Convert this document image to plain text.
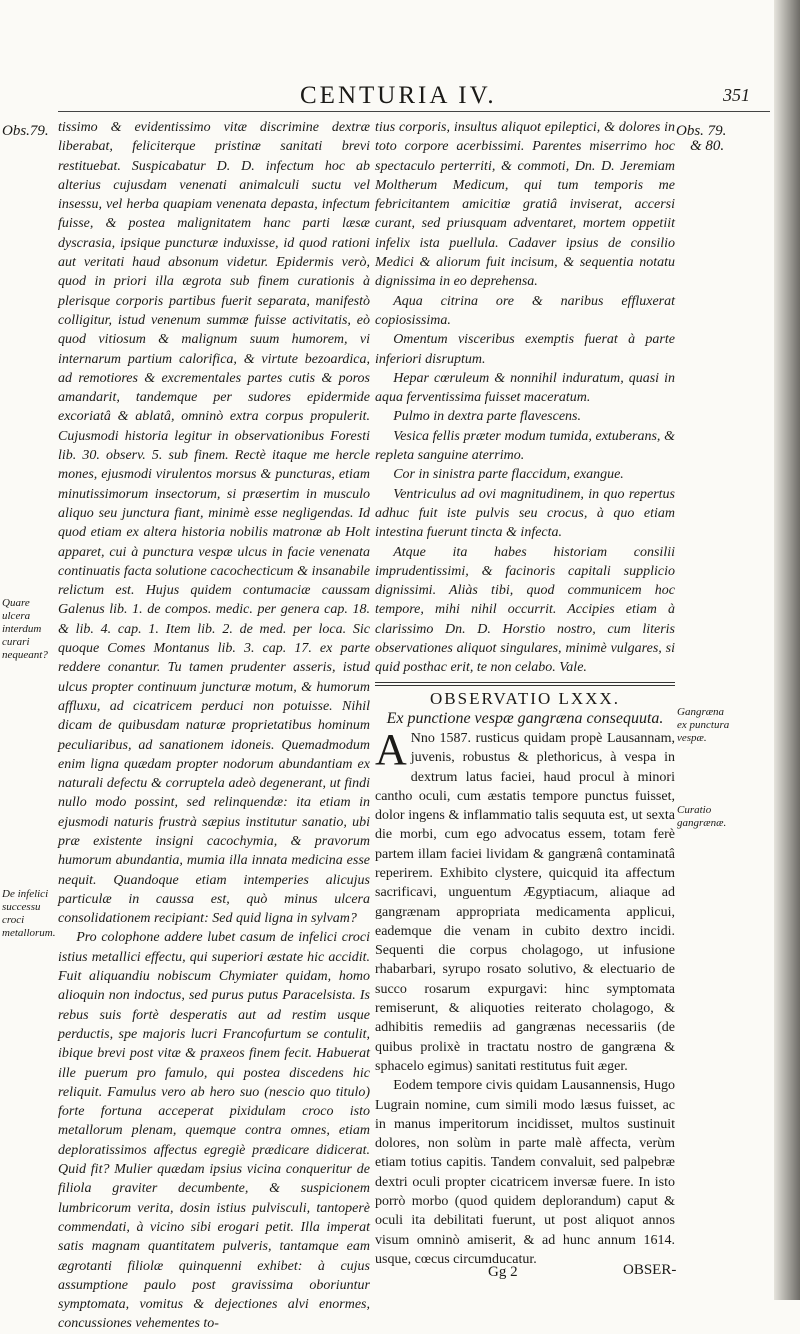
CENTURIA IV.	351
Obs.79.
Quare ulcera interdum curari nequeant?
De infelici successu croci metallorum.
Obs. 79.
& 80.
Gangræna ex punctura vespæ.
Curatio gangrænæ.

tissimo & evidentissimo vitæ discrimine dextræ liberabat, feliciterque pristinæ sanitati brevi restituebat. Suspicabatur D. D. infectum hoc ab alterius cujusdam venenati animalculi suctu vel insessu, vel herba quapiam venenata depasta, infectum fuisse, & postea malignitatem hanc parti læsæ dyscrasia, ipsique puncturæ induxisse, id quod rationi aut veritati haud absonum videtur. Epidermis verò, quod in priori illa ægrota sub finem curationis à plerisque corporis partibus fuerit separata, manifestò colligitur, istud venenum summæ fuisse activitatis, eò quod vitiosum & malignum suum humorem, vi internarum partium calorifica, & virtute bezoardica, ad remotiores & excrementales partes cutis & poros amandarit, tandemque per sudores epidermide excoriatâ & ablatâ, omninò extra corpus propulerit. Cujusmodi historia legitur in observationibus Foresti lib. 30. observ. 5. sub finem. Rectè itaque me hercle mones, ejusmodi virulentos morsus & puncturas, etiam minutissimorum insectorum, si præsertim in musculo aliquo seu junctura fiant, minimè esse negligendas. Id quod etiam ex altera historia nobilis matronæ ab Holt apparet, cui à punctura vespæ ulcus in facie venenata continuatis facta solutione cacochecticum & insanabile relictum est. Hujus quidem contumaciæ caussam Galenus lib. 1. de compos. medic. per genera cap. 18. & lib. 4. cap. 1. Item lib. 2. de med. per loca. Sic quoque Comes Montanus lib. 3. cap. 17. ex parte reddere conantur. Tu tamen prudenter asseris, istud ulcus propter continuum juncturæ motum, & humorum affluxu, ad cicatricem perduci non potuisse. Nihil dicam de quibusdam naturæ proprietatibus hominum peculiaribus, ad sanationem idoneis. Quemadmodum enim ligna quædam propter nodorum abundantiam ex naturali defectu & corruptela adeò degenerant, ut findi nullo modo possint, sed relinquendæ: ita etiam in ejusmodi naturis frustrà sæpius institutur sanatio, ubi præ existente insigni cacochymia, & pravorum humorum abundantia, mumia illa innata medicina esse nequit. Quandoque etiam intemperies alicujus particulæ in caussa est, quò minus ulcera consolidationem recipiant: Sed quid ligna in sylvam?

Pro colophone addere lubet casum de infelici croci istius metallici effectu, qui superiori æstate hic accidit. Fuit aliquandiu nobiscum Chymiater quidam, homo alioquin non indoctus, sed purus putus Paracelsista. Is rebus suis fortè desperatis aut ad restim usque perductis, spe majoris lucri Francofurtum se contulit, ibique brevi post vitæ & praxeos finem fecit. Habuerat ille puerum pro famulo, qui postea discedens hic reliquit. Famulus vero ab hero suo (nescio quo titulo) forte fortuna acceperat pixidulam croco isto metallorum plenam, quemque contra omnes, etiam deploratissimos affectus egregiè prædicare didicerat. Quid fit? Mulier quædam ipsius vicina conqueritur de filiola graviter decumbente, & suspicionem lumbricorum verita, dosin istius pulvisculi, tantoperè commendati, à vicino sibi erogari petit. Illa imperat satis magnam quantitatem pulveris, tantamque eam ægrotanti filiolæ quinquenni exhibet: à cujus assumptione paulo post gravissima oboriuntur symptomata, vomitus & dejectiones alvi enormes, concussiones vehementes to-

tius corporis, insultus aliquot epileptici, & dolores in toto corpore acerbissimi. Parentes miserrimo hoc spectaculo perterriti, & commoti, Dn. D. Jeremiam Moltherum Medicum, qui tum temporis me febricitantem amicitiæ gratiâ inviserat, accersi curant, sed priusquam adventaret, mortem oppetiit infelix ista puellula. Cadaver ipsius de consilio Medici & aliorum fuit incisum, & sequentia notatu dignissima in eo deprehensa.

Aqua citrina ore & naribus effluxerat copiosissima.

Omentum visceribus exemptis fuerat à parte inferiori disruptum.

Hepar cœruleum & nonnihil induratum, quasi in aqua ferventissima fuisset maceratum.

Pulmo in dextra parte flavescens.

Vesica fellis præter modum tumida, extuberans, & repleta sanguine aterrimo.

Cor in sinistra parte flaccidum, exangue.

Ventriculus ad ovi magnitudinem, in quo repertus adhuc fuit iste pulvis seu crocus, à quo etiam intestina fuerunt tincta & infecta.

Atque ita habes historiam consilii imprudentissimi, & facinoris capitali supplicio dignissimi. Aliàs tibi, quod communicem hoc tempore, mihi nihil occurrit. Accipies etiam à clarissimo Dn. D. Horstio nostro, cum literis observationes aliquot singulares, minimè vulgares, si quid posthac erit, te non celabo. Vale.

OBSERVATIO LXXX.
Ex punctione vespæ gangræna consequuta.

A Nno 1587. rusticus quidam propè Lausannam, juvenis, robustus & plethoricus, à vespa in dextrum latus faciei, haud procul à minori cantho oculi, cum æstatis tempore punctus fuisset, dolor ingens & inflammatio talis sequuta est, ut sexta die morbi, cum ego advocatus essem, totam ferè partem illam faciei lividam & gangrænâ contaminatâ reperirem. Exhibito clystere, quicquid ita affectum sacrificavi, unguentum Ægyptiacum, aliaque ad gangrænam appropriata medicamenta applicui, eademque die venam in cubito dextro incidi. Sequenti die corpus cholagogo, ut infusione rhabarbari, syrupo rosato solutivo, & electuario de succo rosarum expurgavi: hinc symptomata remiserunt, & aliquoties reiterato cholagogo, & adhibitis remediis ad gangrænas necessariis (de quibus prolixè in tractatu nostro de gangræna & sphacelo egimus) sanitati restitutus fuit æger.

Eodem tempore civis quidam Lausannensis, Hugo Lugrain nomine, cum simili modo læsus fuisset, ac in manus imperitorum incidisset, multos sustinuit dolores, non solùm in parte malè affecta, verùm etiam totius capitis. Tandem convaluit, sed palpebræ dextri oculi propter cicatricem inversæ fuere. In isto porrò morbo (quod quidem deplorandum) caput & oculi ita debilitati fuerunt, ut post aliquot annos visum omninò amiserit, & ad hunc annum 1614. usque, cœcus circumducatur.

Gg 2	OBSER-
